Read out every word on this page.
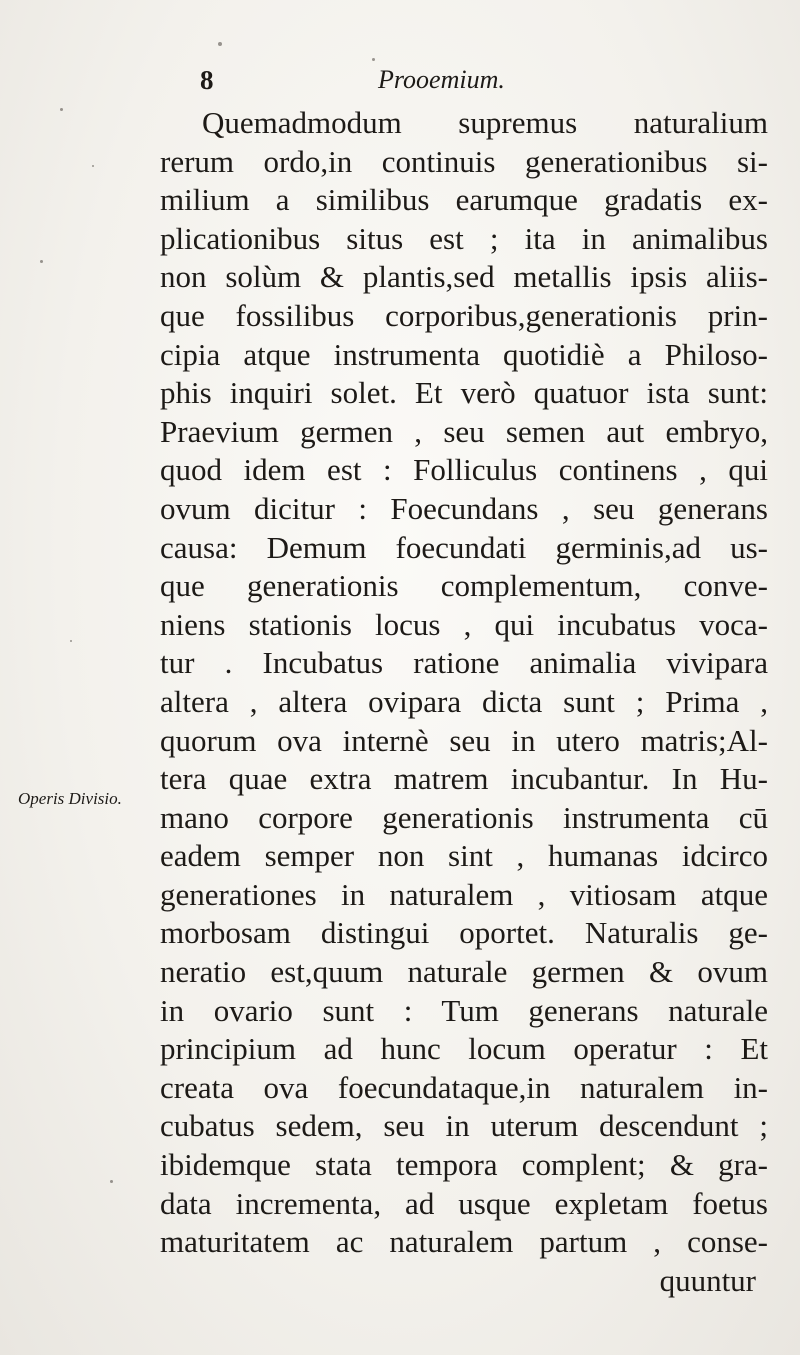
8	Prooemium.
Operis Divisio.
Quemadmodum supremus naturalium
rerum ordo,in continuis generationibus si-
milium a similibus earumque gradatis ex-
plicationibus situs est ; ita in animalibus
non solùm & plantis,sed metallis ipsis aliis-
que fossilibus corporibus,generationis prin-
cipia atque instrumenta quotidiè a Philoso-
phis inquiri solet. Et verò quatuor ista sunt:
Praevium germen , seu semen aut embryo,
quod idem est : Folliculus continens , qui
ovum dicitur : Foecundans , seu generans
causa: Demum foecundati germinis,ad us-
que generationis complementum, conve-
niens stationis locus , qui incubatus voca-
tur . Incubatus ratione animalia vivipara
altera , altera ovipara dicta sunt ; Prima ,
quorum ova internè seu in utero matris;Al-
tera quae extra matrem incubantur. In Hu-
mano corpore generationis instrumenta cū
eadem semper non sint , humanas idcirco
generationes in naturalem , vitiosam atque
morbosam distingui oportet. Naturalis ge-
neratio est,quum naturale germen & ovum
in ovario sunt : Tum generans naturale
principium ad hunc locum operatur : Et
creata ova foecundataque,in naturalem in-
cubatus sedem, seu in uterum descendunt ;
ibidemque stata tempora complent; & gra-
data incrementa, ad usque expletam foetus
maturitatem ac naturalem partum , conse-
quuntur
